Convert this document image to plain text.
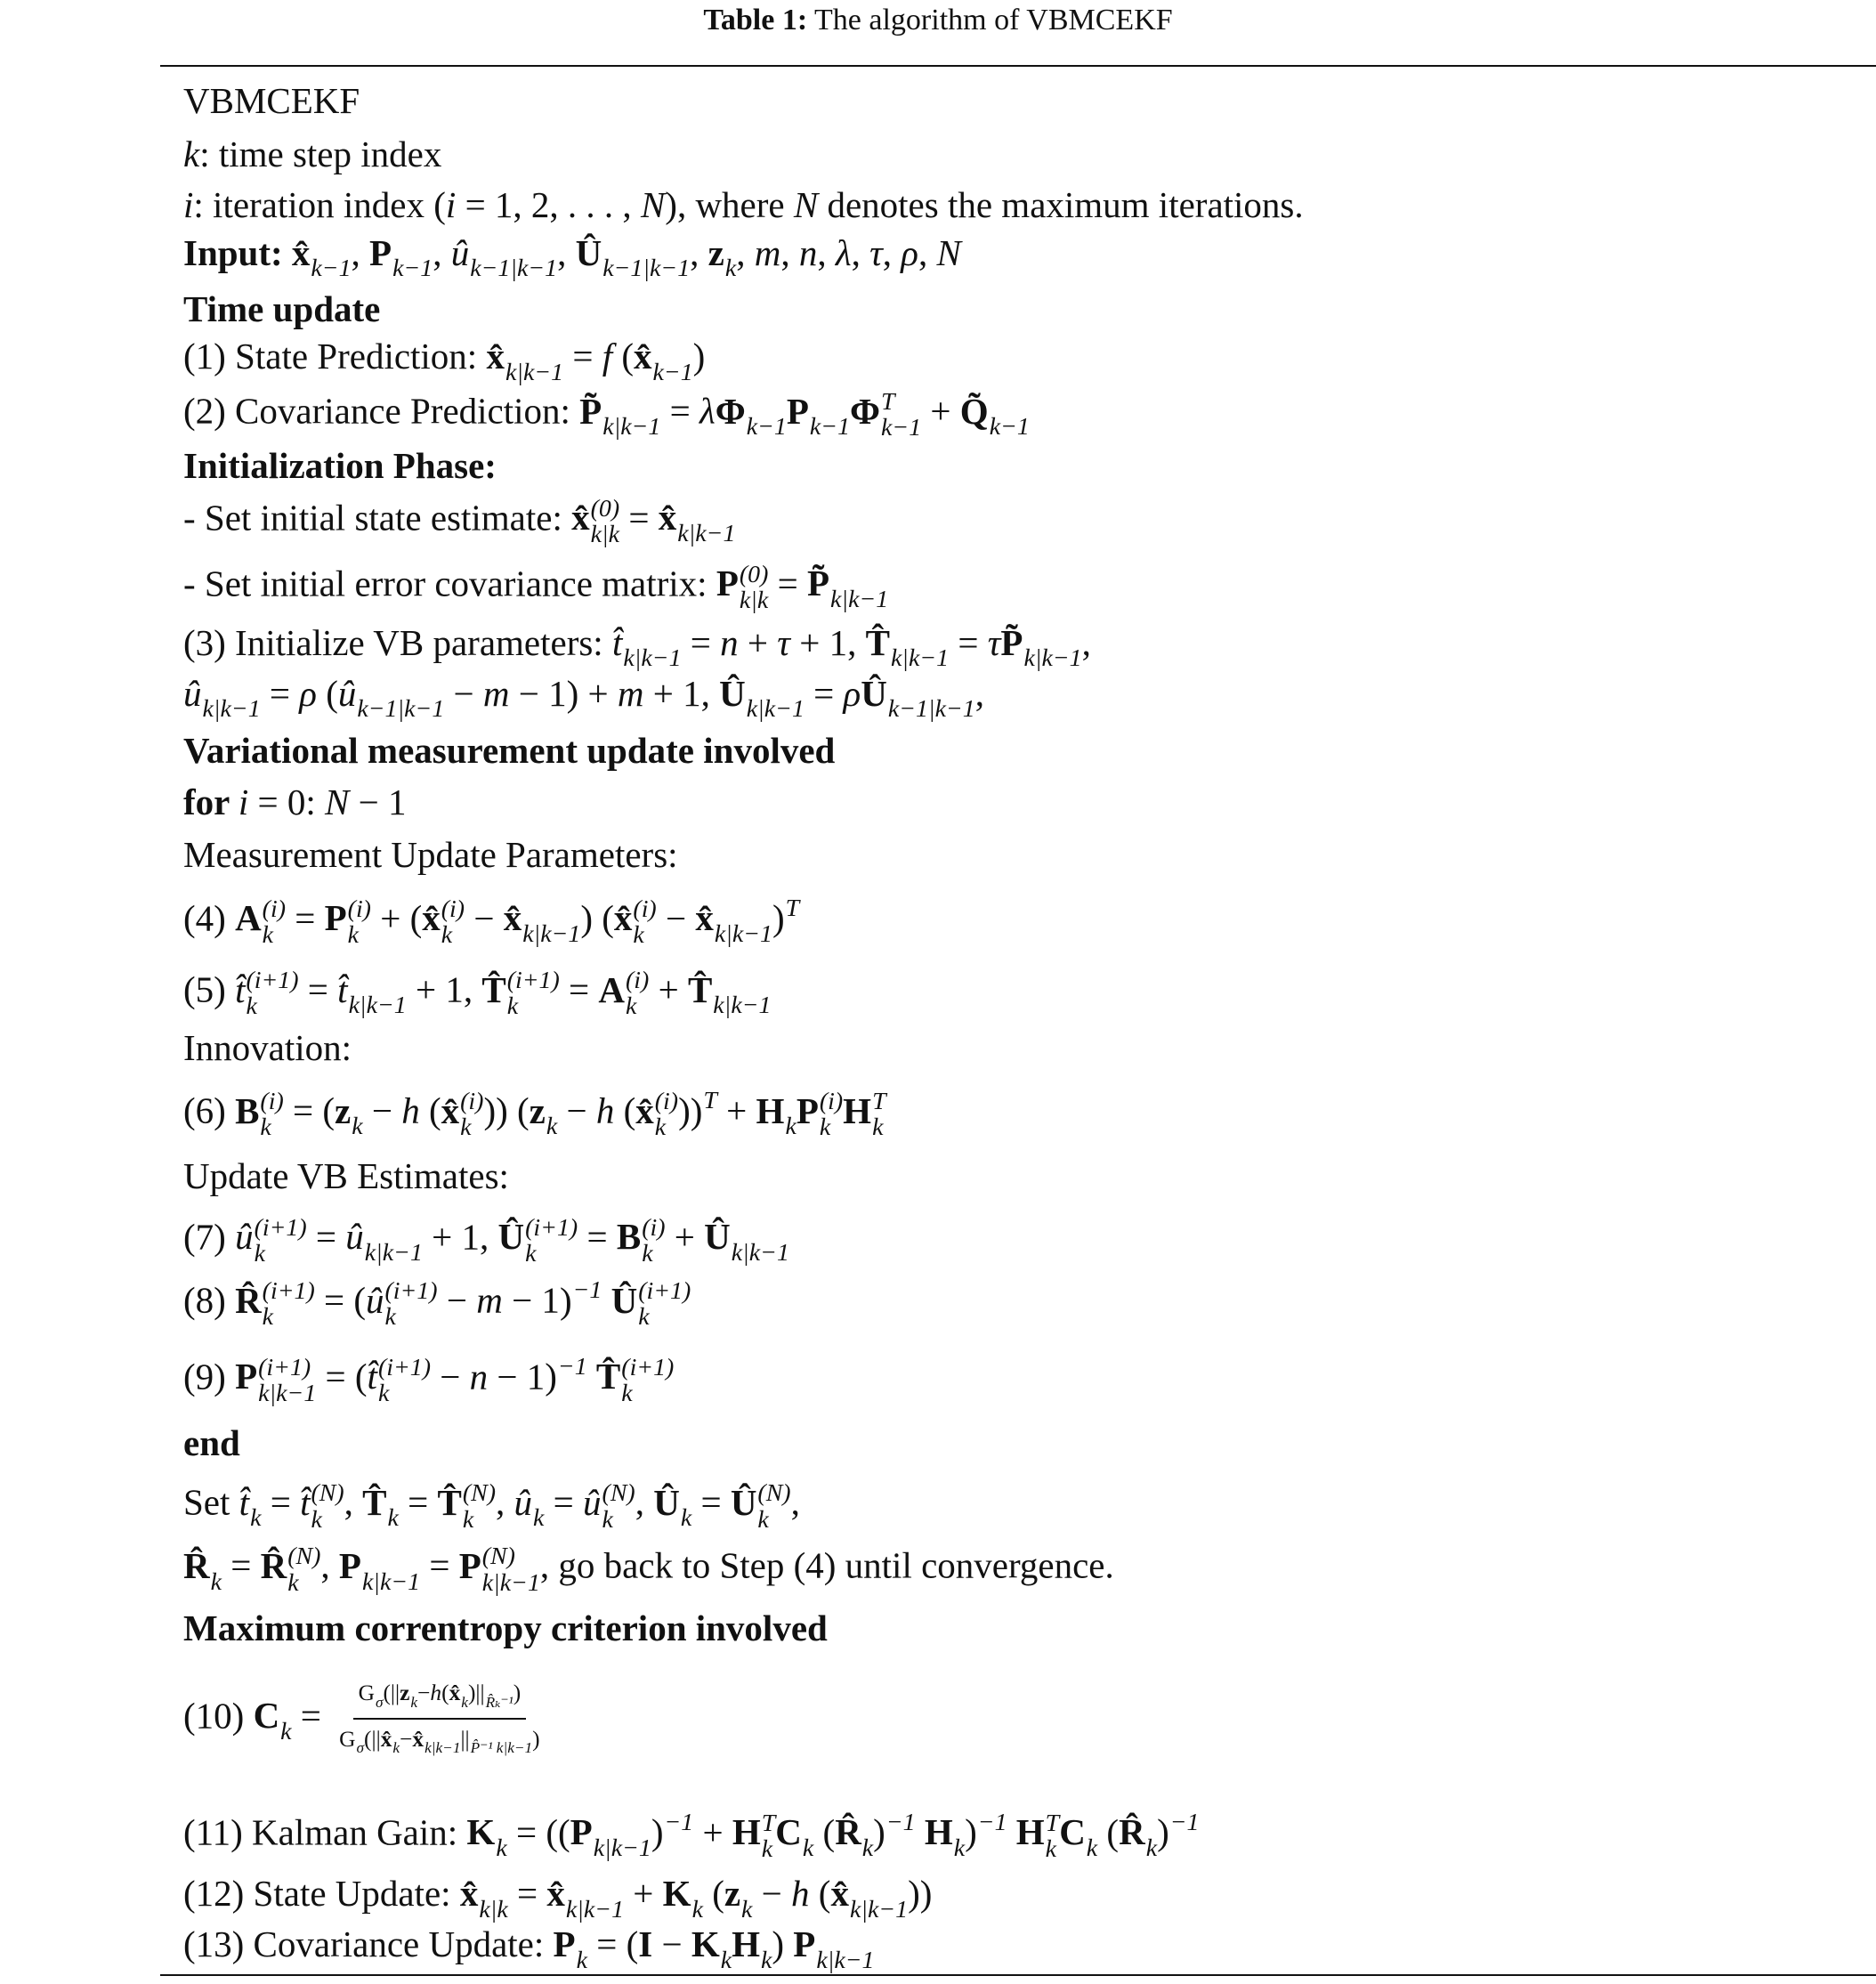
Table 1: The algorithm of VBMCEKF
VBMCEKF
k: time step index
i: iteration index (i = 1, 2, . . . , N), where N denotes the maximum iterations.
Input: x̂ k−1 , P k−1 , û k−1|k−1 , Û k−1|k−1 , z k , m, n, λ, τ, ρ, N
Time update
(1) State Prediction: x̂ k|k−1 = f (x̂ k−1 )
(2) Covariance Prediction: P̃ k|k−1 = λΦ k−1 P k−1 Φ T
k−1 + Q̃ k−1
Initialization Phase:
- Set initial state estimate: x̂ (0)
k|k = x̂ k|k−1
- Set initial error covariance matrix: P (0)
k|k = P̃ k|k−1
(3) Initialize VB parameters: t̂ k|k−1 = n + τ + 1, T̂ k|k−1 = τP̃ k|k−1 ,
û k|k−1 = ρ (û k−1|k−1 − m − 1) + m + 1, Û k|k−1 = ρÛ k−1|k−1 ,
Variational measurement update involved
for i = 0: N − 1
Measurement Update Parameters:
(4) A (i)
k = P (i)
k + (x̂ (i)
k − x̂ k|k−1 ) (x̂ (i)
k − x̂ k|k−1 ) T
(5) t̂ (i+1)
k	= t̂ k|k−1 + 1, T̂ (i+1)
k	= A (i)
k + T̂ k|k−1
Innovation:
(6) B (i)
k = (z k − h (x̂ (i)
k )) (z k − h (x̂ (i)
k )) T + H k P (i)
k H T
k
Update VB Estimates:
(7) û (i+1)
k	= û k|k−1 + 1, Û (i+1)
k	= B (i)
k + Û k|k−1
(8) R̂ (i+1)
k	= (û (i+1)
k	− m − 1) −1 Û (i+1)
k
(9) P (i+1)
k|k−1 = (t̂ (i+1)
k	− n − 1) −1 T̂ (i+1)
k
end
Set t̂ k = t̂ (N)
k , T̂ k = T̂ (N)
k , û k = û (N)
k , Û k = Û (N)
k ,
R̂ k = R̂ (N)
k , P k|k−1 = P (N)
k|k−1 , go back to Step (4) until convergence.
Maximum correntropy criterion involved
(10) C $k = \frac{\text{G σ (||z k −h(x̂ k )|| R̂ₖ⁻¹ )}}{\text{G σ (||x̂ k −x̂ k|k−1 || P̂⁻¹ k|k−1 )}}$
(11) Kalman Gain: K k = ((P k|k−1 ) −1 + H T
k C k (R̂ k ) −1 H k ) −1 H T
k C k (R̂ k ) −1
(12) State Update: x̂ k|k = x̂ k|k−1 + K k (z k − h (x̂ k|k−1 ))
(13) Covariance Update: P k = (I − K k H k ) P k|k−1
